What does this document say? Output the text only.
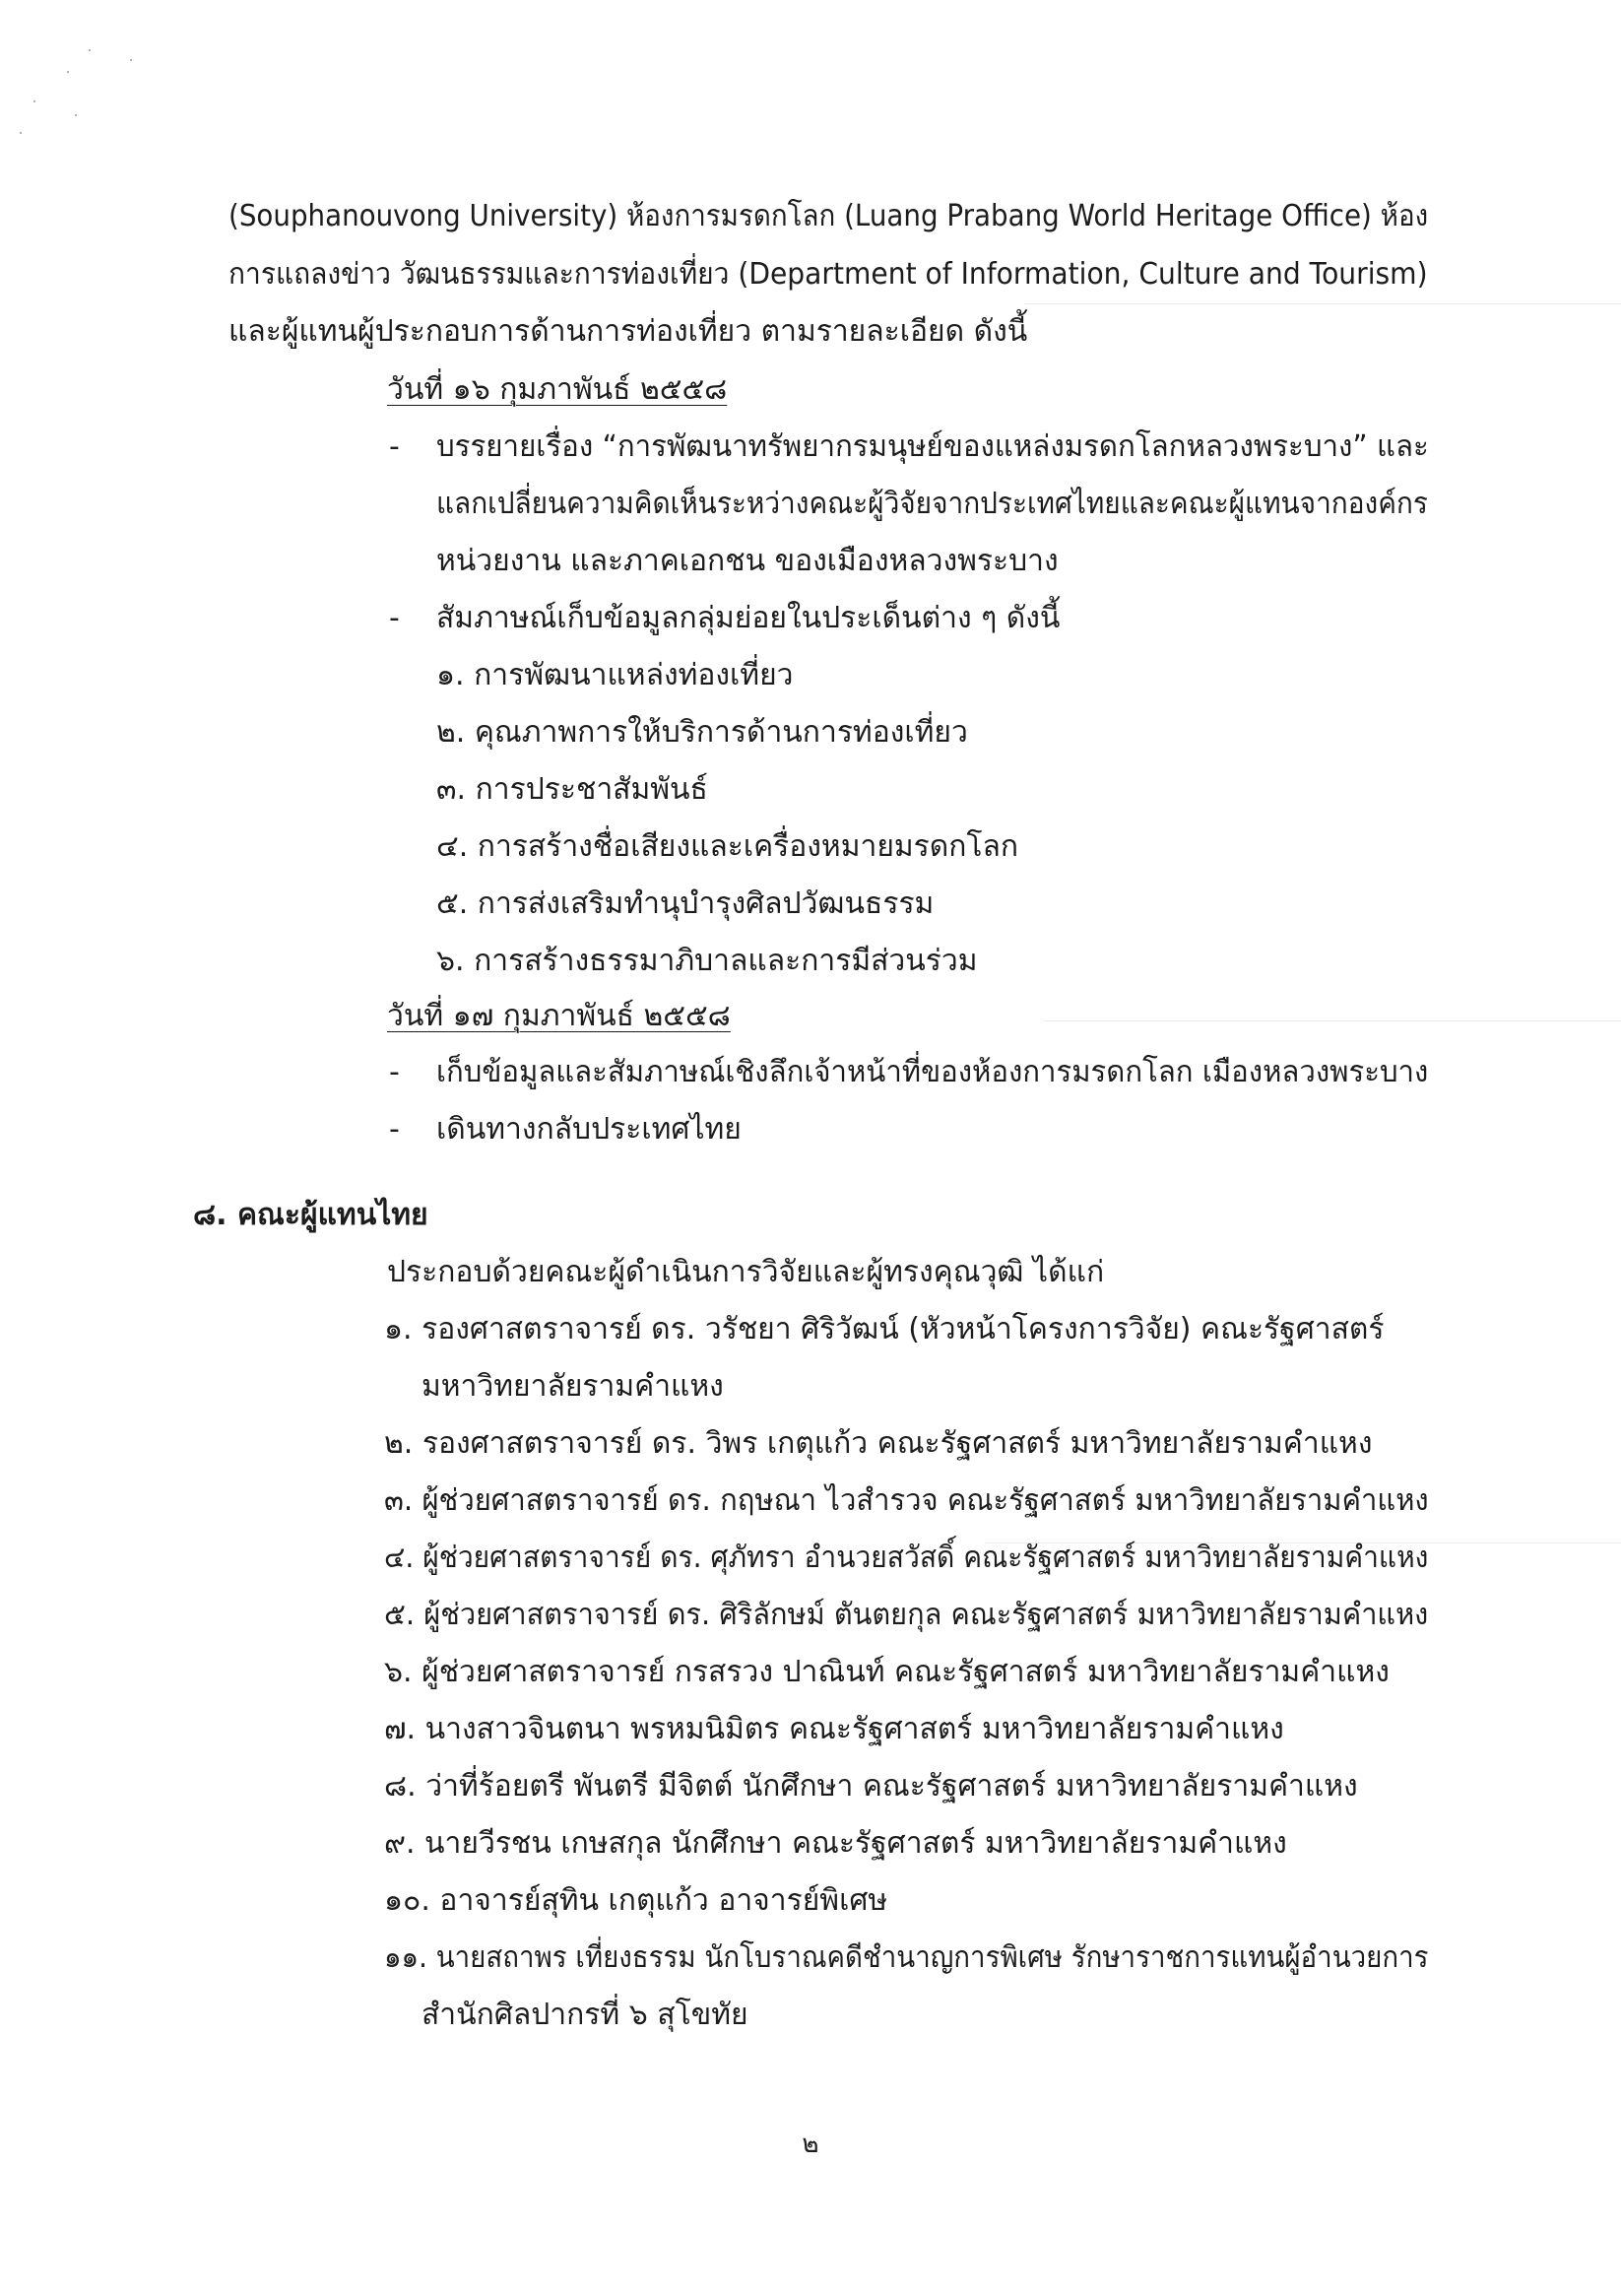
(Souphanouvong University) ห้องการมรดกโลก (Luang Prabang World Heritage Office) ห้อง
การแถลงข่าว วัฒนธรรมและการท่องเที่ยว (Department of Information, Culture and Tourism)
และผู้แทนผู้ประกอบการด้านการท่องเที่ยว ตามรายละเอียด ดังนี้
วันที่ ๑๖ กุมภาพันธ์ ๒๕๕๘
- บรรยายเรื่อง “การพัฒนาทรัพยากรมนุษย์ของแหล่งมรดกโลกหลวงพระบาง” และ
แลกเปลี่ยนความคิดเห็นระหว่างคณะผู้วิจัยจากประเทศไทยและคณะผู้แทนจากองค์กร
หน่วยงาน และภาคเอกชน ของเมืองหลวงพระบาง
- สัมภาษณ์เก็บข้อมูลกลุ่มย่อยในประเด็นต่าง ๆ ดังนี้
๑. การพัฒนาแหล่งท่องเที่ยว
๒. คุณภาพการให้บริการด้านการท่องเที่ยว
๓. การประชาสัมพันธ์
๔. การสร้างชื่อเสียงและเครื่องหมายมรดกโลก
๕. การส่งเสริมทำนุบำรุงศิลปวัฒนธรรม
๖. การสร้างธรรมาภิบาลและการมีส่วนร่วม
วันที่ ๑๗ กุมภาพันธ์ ๒๕๕๘
- เก็บข้อมูลและสัมภาษณ์เชิงลึกเจ้าหน้าที่ของห้องการมรดกโลก เมืองหลวงพระบาง
- เดินทางกลับประเทศไทย
๘. คณะผู้แทนไทย
ประกอบด้วยคณะผู้ดำเนินการวิจัยและผู้ทรงคุณวุฒิ ได้แก่
๑. รองศาสตราจารย์ ดร. วรัชยา ศิริวัฒน์ (หัวหน้าโครงการวิจัย) คณะรัฐศาสตร์
มหาวิทยาลัยรามคำแหง
๒. รองศาสตราจารย์ ดร. วิพร เกตุแก้ว คณะรัฐศาสตร์ มหาวิทยาลัยรามคำแหง
๓. ผู้ช่วยศาสตราจารย์ ดร. กฤษณา ไวสำรวจ คณะรัฐศาสตร์ มหาวิทยาลัยรามคำแหง
๔. ผู้ช่วยศาสตราจารย์ ดร. ศุภัทรา อำนวยสวัสดิ์ คณะรัฐศาสตร์ มหาวิทยาลัยรามคำแหง
๕. ผู้ช่วยศาสตราจารย์ ดร. ศิริลักษม์ ตันตยกุล คณะรัฐศาสตร์ มหาวิทยาลัยรามคำแหง
๖. ผู้ช่วยศาสตราจารย์ กรสรวง ปาณินท์ คณะรัฐศาสตร์ มหาวิทยาลัยรามคำแหง
๗. นางสาวจินตนา พรหมนิมิตร คณะรัฐศาสตร์ มหาวิทยาลัยรามคำแหง
๘. ว่าที่ร้อยตรี พันตรี มีจิตต์ นักศึกษา คณะรัฐศาสตร์ มหาวิทยาลัยรามคำแหง
๙. นายวีรชน เกษสกุล นักศึกษา คณะรัฐศาสตร์ มหาวิทยาลัยรามคำแหง
๑๐. อาจารย์สุทิน เกตุแก้ว อาจารย์พิเศษ
๑๑. นายสถาพร เที่ยงธรรม นักโบราณคดีชำนาญการพิเศษ รักษาราชการแทนผู้อำนวยการ
สำนักศิลปากรที่ ๖ สุโขทัย
๒
